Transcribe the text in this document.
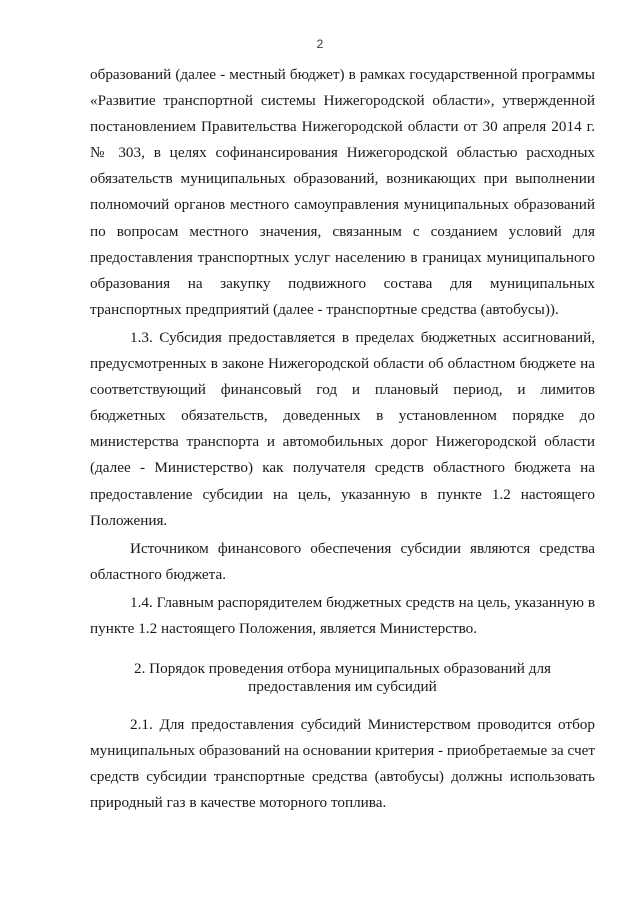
2

образований (далее - местный бюджет) в рамках государственной программы «Развитие транспортной системы Нижегородской области», утвержденной постановлением Правительства Нижегородской области от 30 апреля 2014 г. № 303, в целях софинансирования Нижегородской областью расходных обязательств муниципальных образований, возникающих при выполнении полномочий органов местного самоуправления муниципальных образований по вопросам местного значения, связанным с созданием условий для предоставления транспортных услуг населению в границах муниципального образования на закупку подвижного состава для муниципальных транспортных предприятий (далее - транспортные средства (автобусы)).

1.3. Субсидия предоставляется в пределах бюджетных ассигнований, предусмотренных в законе Нижегородской области об областном бюджете на соответствующий финансовый год и плановый период, и лимитов бюджетных обязательств, доведенных в установленном порядке до министерства транспорта и автомобильных дорог Нижегородской области (далее - Министерство) как получателя средств областного бюджета на предоставление субсидии на цель, указанную в пункте 1.2 настоящего Положения.

Источником финансового обеспечения субсидии являются средства областного бюджета.

1.4. Главным распорядителем бюджетных средств на цель, указанную в пункте 1.2 настоящего Положения, является Министерство.

2. Порядок проведения отбора муниципальных образований для предоставления им субсидий

2.1. Для предоставления субсидий Министерством проводится отбор муниципальных образований на основании критерия - приобретаемые за счет средств субсидии транспортные средства (автобусы) должны использовать природный газ в качестве моторного топлива.
